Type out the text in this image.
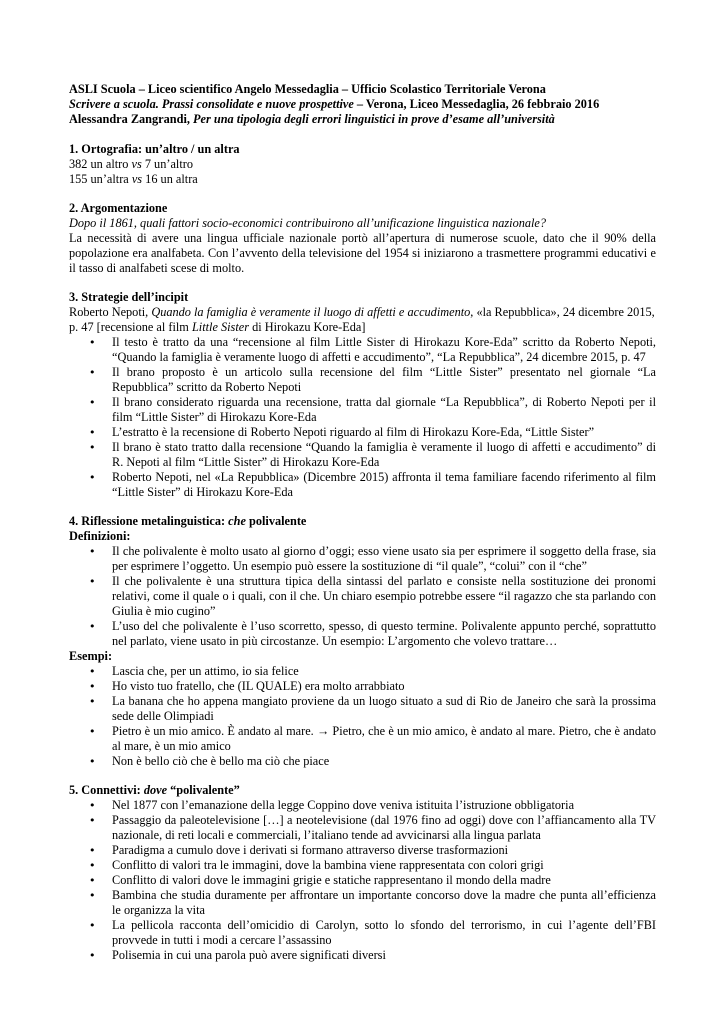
ASLI Scuola – Liceo scientifico Angelo Messedaglia – Ufficio Scolastico Territoriale Verona

Scrivere a scuola. Prassi consolidate e nuove prospettive – Verona, Liceo Messedaglia, 26 febbraio 2016

Alessandra Zangrandi, Per una tipologia degli errori linguistici in prove d’esame all’università

1. Ortografia: un’altro / un altra

382 un altro vs 7 un’altro

155 un’altra vs 16 un altra

2. Argomentazione

Dopo il 1861, quali fattori socio-economici contribuirono all’unificazione linguistica nazionale?

La necessità di avere una lingua ufficiale nazionale portò all’apertura di numerose scuole, dato che il 90% della popolazione era analfabeta. Con l’avvento della televisione del 1954 si iniziarono a trasmettere programmi educativi e il tasso di analfabeti scese di molto.

3. Strategie dell’incipit

Roberto Nepoti, Quando la famiglia è veramente il luogo di affetti e accudimento, «la Repubblica», 24 dicembre 2015, p. 47 [recensione al film Little Sister di Hirokazu Kore-Eda]

• Il testo è tratto da una “recensione al film Little Sister di Hirokazu Kore-Eda” scritto da Roberto Nepoti, “Quando la famiglia è veramente luogo di affetti e accudimento”, “La Repubblica”, 24 dicembre 2015, p. 47
• Il brano proposto è un articolo sulla recensione del film “Little Sister” presentato nel giornale “La Repubblica” scritto da Roberto Nepoti
• Il brano considerato riguarda una recensione, tratta dal giornale “La Repubblica”, di Roberto Nepoti per il film “Little Sister” di Hirokazu Kore-Eda
• L’estratto è la recensione di Roberto Nepoti riguardo al film di Hirokazu Kore-Eda, “Little Sister”
• Il brano è stato tratto dalla recensione “Quando la famiglia è veramente il luogo di affetti e accudimento” di R. Nepoti al film “Little Sister” di Hirokazu Kore-Eda
• Roberto Nepoti, nel «La Repubblica» (Dicembre 2015) affronta il tema familiare facendo riferimento al film “Little Sister” di Hirokazu Kore-Eda

4. Riflessione metalinguistica: che polivalente

Definizioni:

• Il che polivalente è molto usato al giorno d’oggi; esso viene usato sia per esprimere il soggetto della frase, sia per esprimere l’oggetto. Un esempio può essere la sostituzione di “il quale”, “colui” con il “che”
• Il che polivalente è una struttura tipica della sintassi del parlato e consiste nella sostituzione dei pronomi relativi, come il quale o i quali, con il che. Un chiaro esempio potrebbe essere “il ragazzo che sta parlando con Giulia è mio cugino”
• L’uso del che polivalente è l’uso scorretto, spesso, di questo termine. Polivalente appunto perché, soprattutto nel parlato, viene usato in più circostanze. Un esempio: L’argomento che volevo trattare…

Esempi:

• Lascia che, per un attimo, io sia felice
• Ho visto tuo fratello, che (IL QUALE) era molto arrabbiato
• La banana che ho appena mangiato proviene da un luogo situato a sud di Rio de Janeiro che sarà la prossima sede delle Olimpiadi
• Pietro è un mio amico. È andato al mare. → Pietro, che è un mio amico, è andato al mare. Pietro, che è andato al mare, è un mio amico
• Non è bello ciò che è bello ma ciò che piace

5. Connettivi: dove “polivalente”

• Nel 1877 con l’emanazione della legge Coppino dove veniva istituita l’istruzione obbligatoria
• Passaggio da paleotelevisione […] a neotelevisione (dal 1976 fino ad oggi) dove con l’affiancamento alla TV nazionale, di reti locali e commerciali, l’italiano tende ad avvicinarsi alla lingua parlata
• Paradigma a cumulo dove i derivati si formano attraverso diverse trasformazioni
• Conflitto di valori tra le immagini, dove la bambina viene rappresentata con colori grigi
• Conflitto di valori dove le immagini grigie e statiche rappresentano il mondo della madre
• Bambina che studia duramente per affrontare un importante concorso dove la madre che punta all’efficienza le organizza la vita
• La pellicola racconta dell’omicidio di Carolyn, sotto lo sfondo del terrorismo, in cui l’agente dell’FBI provvede in tutti i modi a cercare l’assassino
• Polisemia in cui una parola può avere significati diversi
